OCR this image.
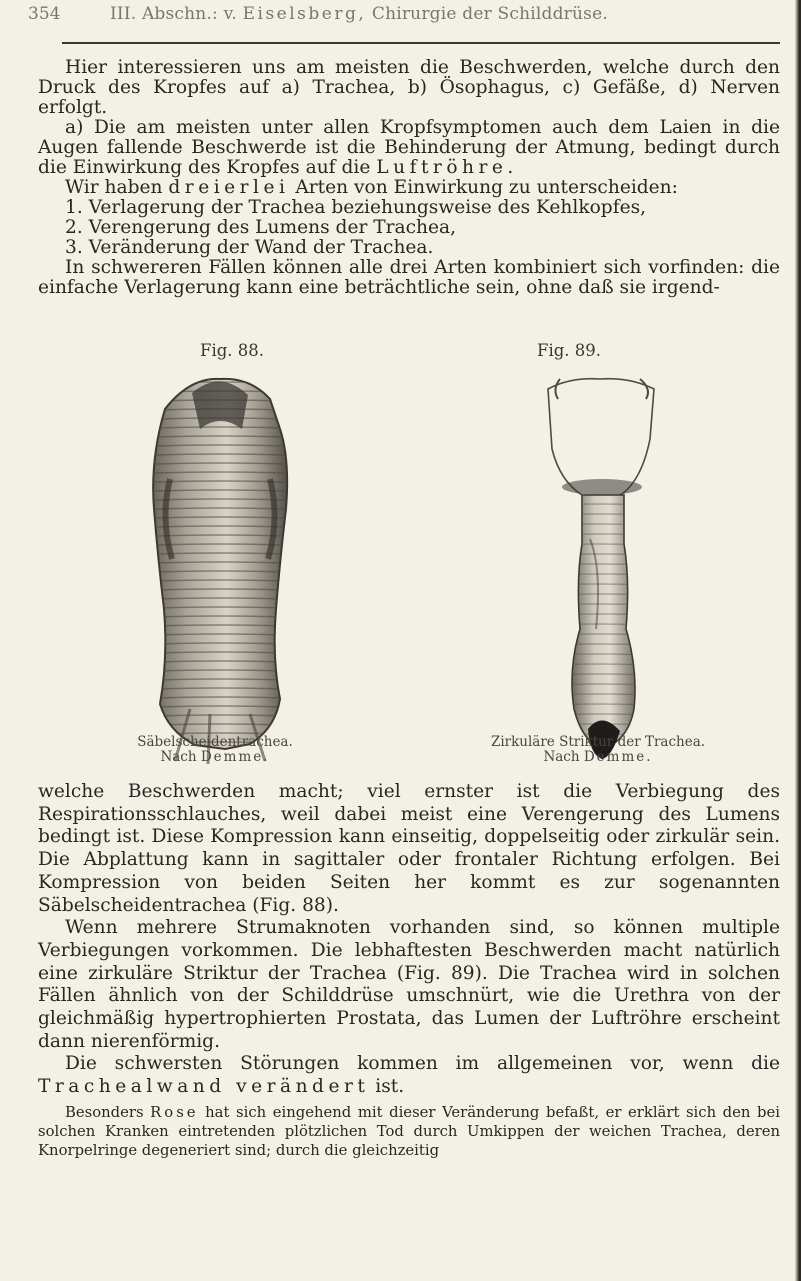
354	III. Abschn.: v. Eiselsberg, Chirurgie der Schilddrüse.

Hier interessieren uns am meisten die Beschwerden, welche durch den Druck des Kropfes auf a) Trachea, b) Ösophagus, c) Gefäße, d) Nerven erfolgt.

a) Die am meisten unter allen Kropfsymptomen auch dem Laien in die Augen fallende Beschwerde ist die Behinderung der Atmung, bedingt durch die Einwirkung des Kropfes auf die Luftröhre.

Wir haben dreierlei Arten von Einwirkung zu unterscheiden:

1. Verlagerung der Trachea beziehungsweise des Kehlkopfes,

2. Verengerung des Lumens der Trachea,

3. Veränderung der Wand der Trachea.

In schwereren Fällen können alle drei Arten kombiniert sich vorfinden: die einfache Verlagerung kann eine beträchtliche sein, ohne daß sie irgend-

Fig. 88.	Fig. 89.
Säbelscheidentrachea.
Nach Demme.
Zirkuläre Striktur der Trachea.
Nach Demme.

welche Beschwerden macht; viel ernster ist die Verbiegung des Respirationsschlauches, weil dabei meist eine Verengerung des Lumens bedingt ist. Diese Kompression kann einseitig, doppelseitig oder zirkulär sein. Die Abplattung kann in sagittaler oder frontaler Richtung erfolgen. Bei Kompression von beiden Seiten her kommt es zur sogenannten Säbelscheidentrachea (Fig. 88).

Wenn mehrere Strumaknoten vorhanden sind, so können multiple Verbiegungen vorkommen. Die lebhaftesten Beschwerden macht natürlich eine zirkuläre Striktur der Trachea (Fig. 89). Die Trachea wird in solchen Fällen ähnlich von der Schilddrüse umschnürt, wie die Urethra von der gleichmäßig hypertrophierten Prostata, das Lumen der Luftröhre erscheint dann nierenförmig.

Die schwersten Störungen kommen im allgemeinen vor, wenn die Trachealwand verändert ist.

Besonders Rose hat sich eingehend mit dieser Veränderung befaßt, er erklärt sich den bei solchen Kranken eintretenden plötzlichen Tod durch Umkippen der weichen Trachea, deren Knorpelringe degeneriert sind; durch die gleichzeitig
